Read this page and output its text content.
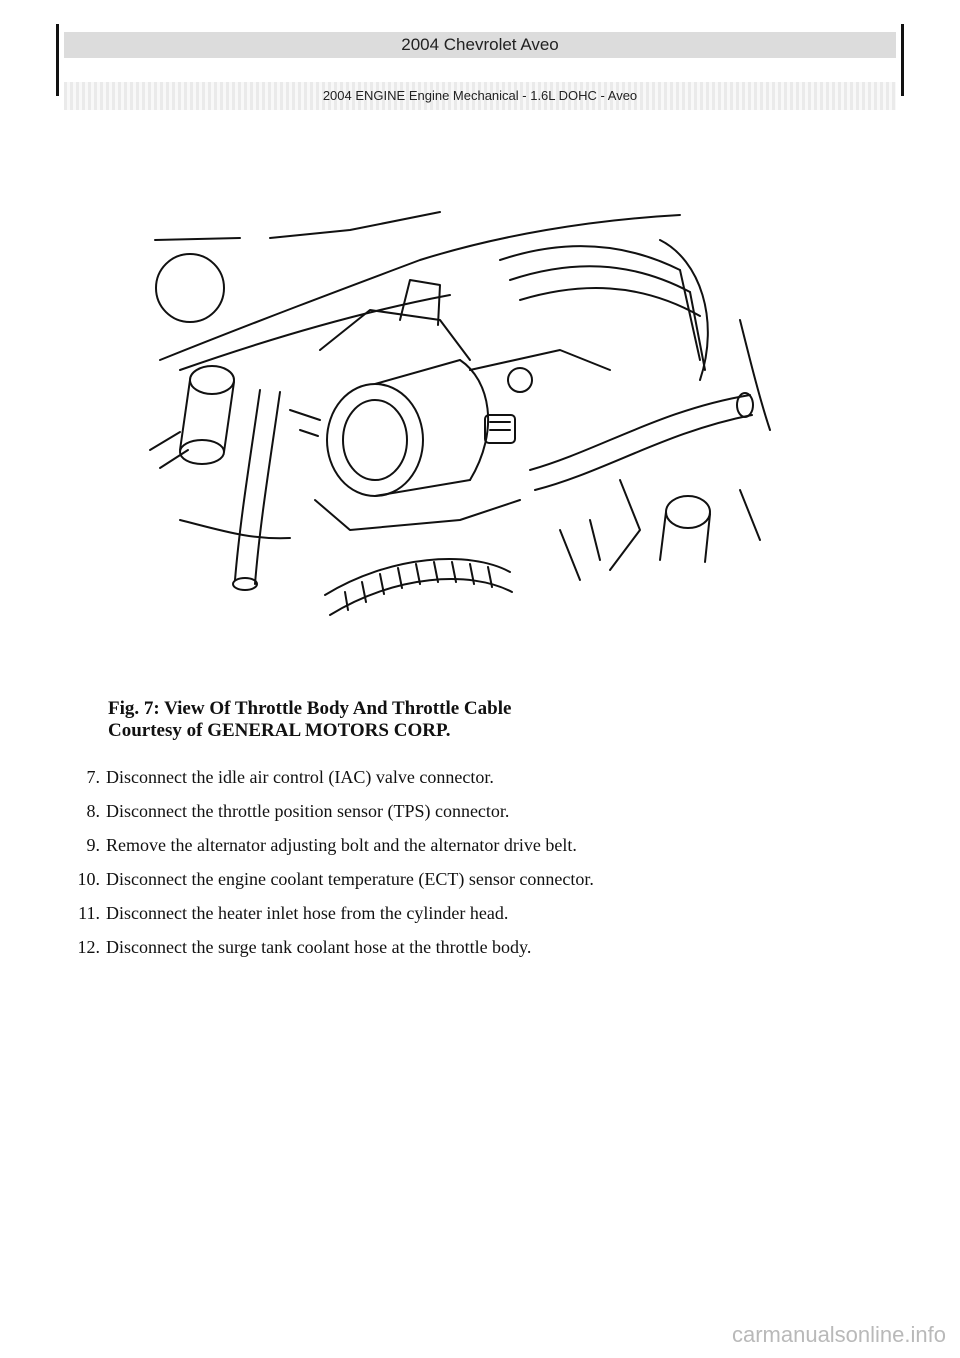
2004 Chevrolet Aveo
2004 ENGINE Engine Mechanical - 1.6L DOHC - Aveo
Fig. 7: View Of Throttle Body And Throttle Cable
Courtesy of GENERAL MOTORS CORP.
7. Disconnect the idle air control (IAC) valve connector.
8. Disconnect the throttle position sensor (TPS) connector.
9. Remove the alternator adjusting bolt and the alternator drive belt.
10. Disconnect the engine coolant temperature (ECT) sensor connector.
11. Disconnect the heater inlet hose from the cylinder head.
12. Disconnect the surge tank coolant hose at the throttle body.
carmanualsonline.info
